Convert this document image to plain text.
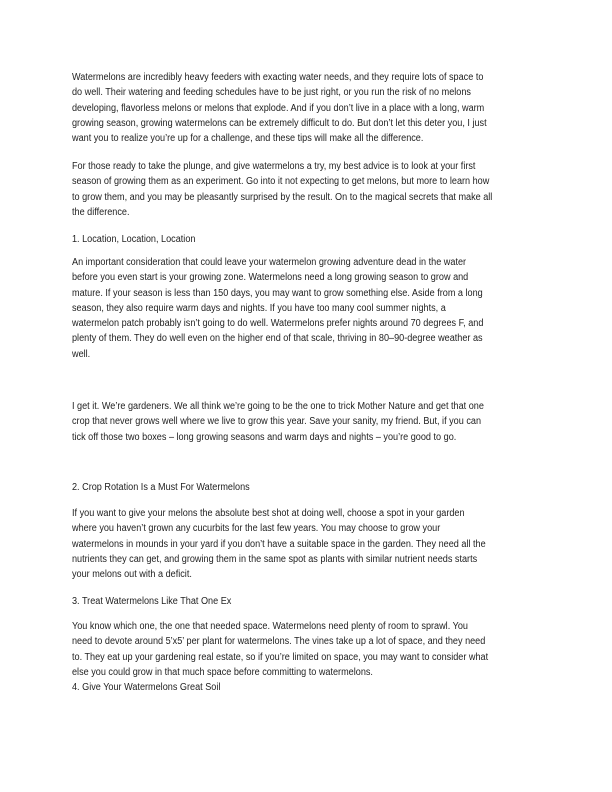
Watermelons are incredibly heavy feeders with exacting water needs, and they require lots of space to
do well. Their watering and feeding schedules have to be just right, or you run the risk of no melons
developing, flavorless melons or melons that explode. And if you don’t live in a place with a long, warm
growing season, growing watermelons can be extremely difficult to do. But don’t let this deter you, I just
want you to realize you’re up for a challenge, and these tips will make all the difference.
For those ready to take the plunge, and give watermelons a try, my best advice is to look at your first
season of growing them as an experiment. Go into it not expecting to get melons, but more to learn how
to grow them, and you may be pleasantly surprised by the result. On to the magical secrets that make all
the difference.
1. Location, Location, Location
An important consideration that could leave your watermelon growing adventure dead in the water
before you even start is your growing zone. Watermelons need a long growing season to grow and
mature. If your season is less than 150 days, you may want to grow something else. Aside from a long
season, they also require warm days and nights. If you have too many cool summer nights, a
watermelon patch probably isn’t going to do well. Watermelons prefer nights around 70 degrees F, and
plenty of them. They do well even on the higher end of that scale, thriving in 80–90-degree weather as
well.
I get it. We’re gardeners. We all think we’re going to be the one to trick Mother Nature and get that one
crop that never grows well where we live to grow this year. Save your sanity, my friend. But, if you can
tick off those two boxes – long growing seasons and warm days and nights – you’re good to go.
2. Crop Rotation Is a Must For Watermelons
If you want to give your melons the absolute best shot at doing well, choose a spot in your garden
where you haven’t grown any cucurbits for the last few years. You may choose to grow your
watermelons in mounds in your yard if you don’t have a suitable space in the garden. They need all the
nutrients they can get, and growing them in the same spot as plants with similar nutrient needs starts
your melons out with a deficit.
3. Treat Watermelons Like That One Ex
You know which one, the one that needed space. Watermelons need plenty of room to sprawl. You
need to devote around 5’x5’ per plant for watermelons. The vines take up a lot of space, and they need
to. They eat up your gardening real estate, so if you’re limited on space, you may want to consider what
else you could grow in that much space before committing to watermelons.
4. Give Your Watermelons Great Soil
